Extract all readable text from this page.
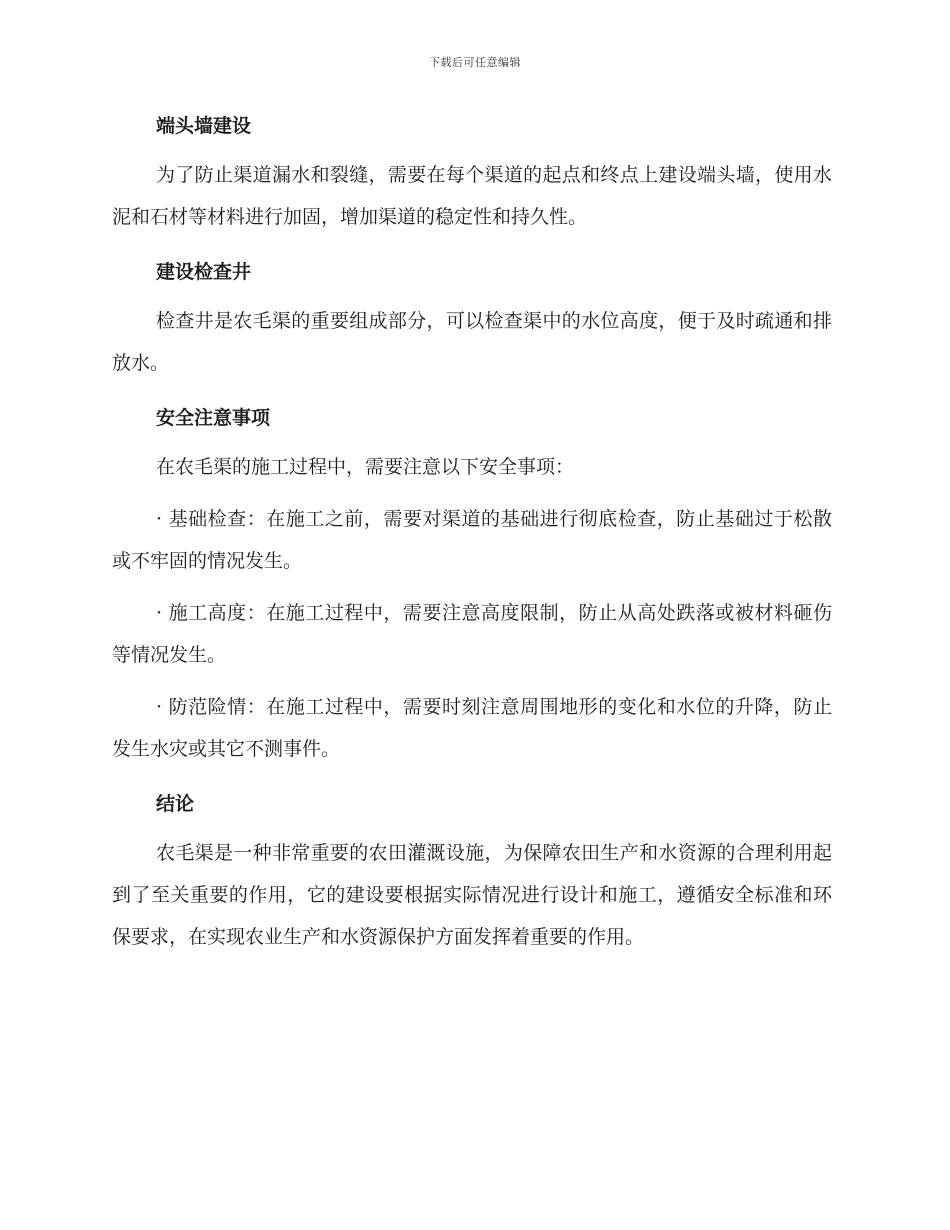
下载后可任意编辑
端头墙建设

为了防止渠道漏水和裂缝，需要在每个渠道的起点和终点上建设端头墙，使用水泥和石材等材料进行加固，增加渠道的稳定性和持久性。

建设检查井

检查井是农毛渠的重要组成部分，可以检查渠中的水位高度，便于及时疏通和排放水。

安全注意事项

在农毛渠的施工过程中，需要注意以下安全事项：

· 基础检查：在施工之前，需要对渠道的基础进行彻底检查，防止基础过于松散或不牢固的情况发生。

· 施工高度：在施工过程中，需要注意高度限制，防止从高处跌落或被材料砸伤等情况发生。

· 防范险情：在施工过程中，需要时刻注意周围地形的变化和水位的升降，防止发生水灾或其它不测事件。

结论

农毛渠是一种非常重要的农田灌溉设施，为保障农田生产和水资源的合理利用起到了至关重要的作用，它的建设要根据实际情况进行设计和施工，遵循安全标准和环保要求，在实现农业生产和水资源保护方面发挥着重要的作用。
